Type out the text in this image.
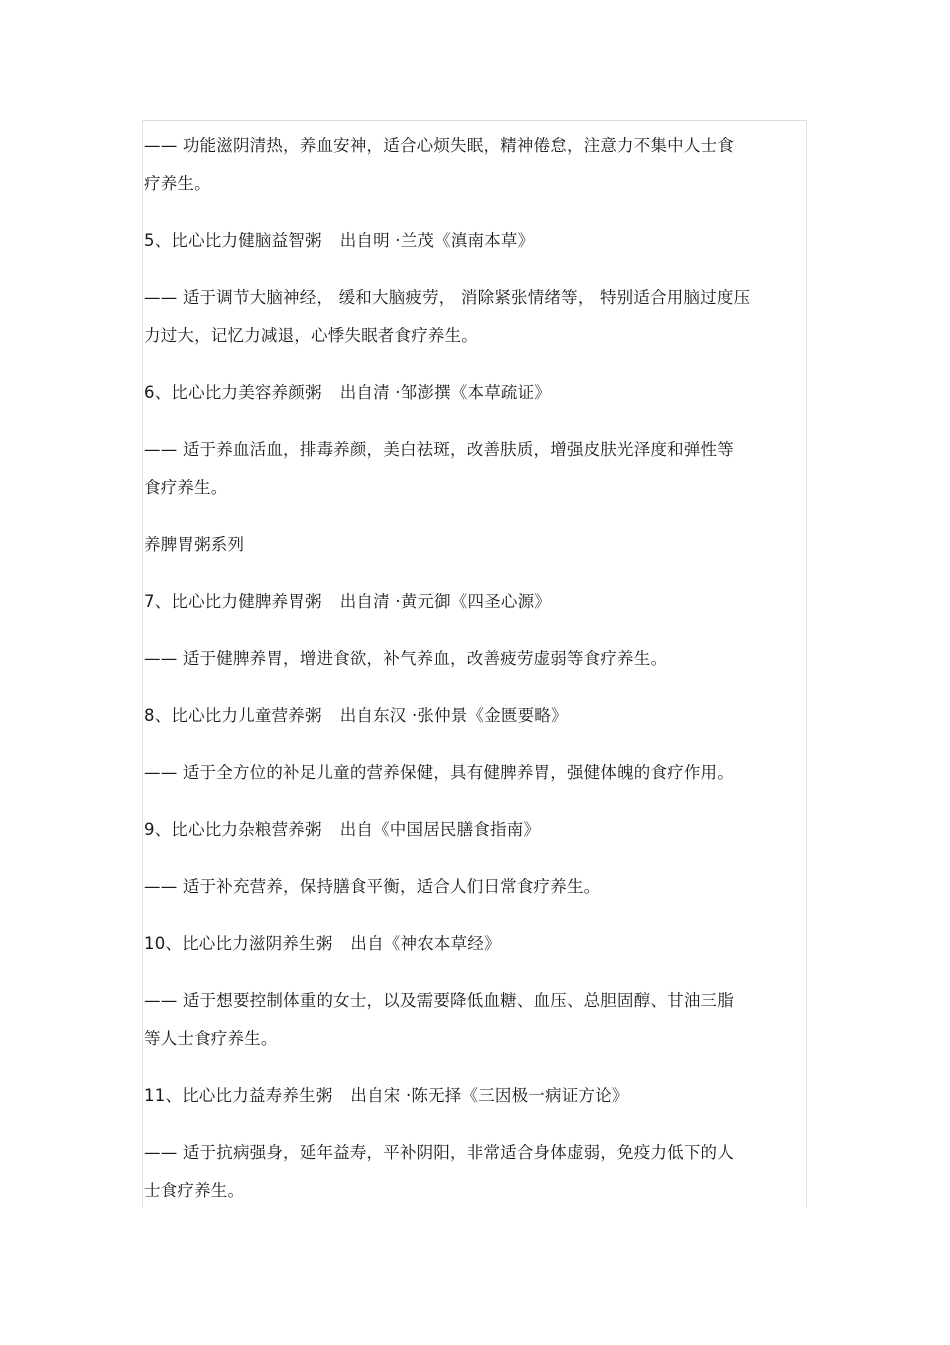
—— 功能滋阴清热，养血安神，适合心烦失眠，精神倦怠，注意力不集中人士食
疗养生。
5、比心比力健脑益智粥 出自明 ·兰茂《滇南本草》
—— 适于调节大脑神经， 缓和大脑疲劳， 消除紧张情绪等， 特别适合用脑过度压
力过大，记忆力减退，心悸失眠者食疗养生。
6、比心比力美容养颜粥 出自清 ·邹澎撰《本草疏证》
—— 适于养血活血，排毒养颜，美白祛斑，改善肤质，增强皮肤光泽度和弹性等
食疗养生。
养脾胃粥系列
7、比心比力健脾养胃粥 出自清 ·黄元御《四圣心源》
—— 适于健脾养胃，增进食欲，补气养血，改善疲劳虚弱等食疗养生。
8、比心比力儿童营养粥 出自东汉 ·张仲景《金匮要略》
—— 适于全方位的补足儿童的营养保健，具有健脾养胃，强健体魄的食疗作用。
9、比心比力杂粮营养粥 出自《中国居民膳食指南》
—— 适于补充营养，保持膳食平衡，适合人们日常食疗养生。
10、比心比力滋阴养生粥 出自《神农本草经》
—— 适于想要控制体重的女士，以及需要降低血糖、血压、总胆固醇、甘油三脂
等人士食疗养生。
11、比心比力益寿养生粥 出自宋 ·陈无择《三因极一病证方论》
—— 适于抗病强身，延年益寿，平补阴阳，非常适合身体虚弱，免疫力低下的人
士食疗养生。
